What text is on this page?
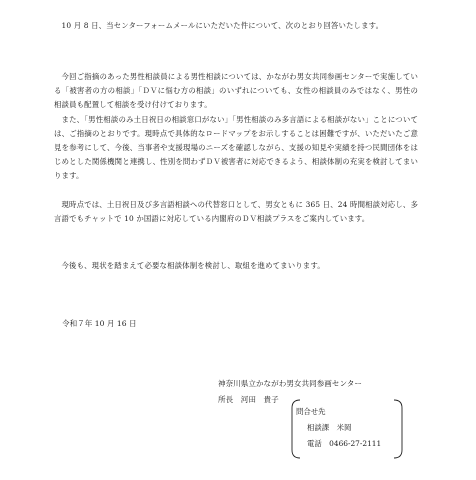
10 月 8 日、当センターフォームメールにいただいた件について、次のとおり回答いたします。

今回ご指摘のあった男性相談員による男性相談については、かながわ男女共同参画センターで実施している「被害者の方の相談」「ＤＶに悩む方の相談」のいずれについても、女性の相談員のみではなく、男性の相談員も配置して相談を受け付けております。

また、「男性相談のみ土日祝日の相談窓口がない」「男性相談のみ多言語による相談がない」ことについては、ご指摘のとおりです。現時点で具体的なロードマップをお示しすることは困難ですが、いただいたご意見を参考にして、今後、当事者や支援現場のニーズを確認しながら、支援の知見や実績を持つ民間団体をはじめとした関係機関と連携し、性別を問わずＤＶ被害者に対応できるよう、相談体制の充実を検討してまいります。

現時点では、土日祝日及び多言語相談への代替窓口として、男女ともに 365 日、24 時間相談対応し、多言語でもチャットで 10 か国語に対応している内閣府のＤＶ相談プラスをご案内しています。

今後も、現状を踏まえて必要な相談体制を検討し、取組を進めてまいります。

令和７年 10 月 16 日
神奈川県立かながわ男女共同参画センター
所長　河田　貴子
問合せ先
相談課　米岡
電話　0466-27-2111
